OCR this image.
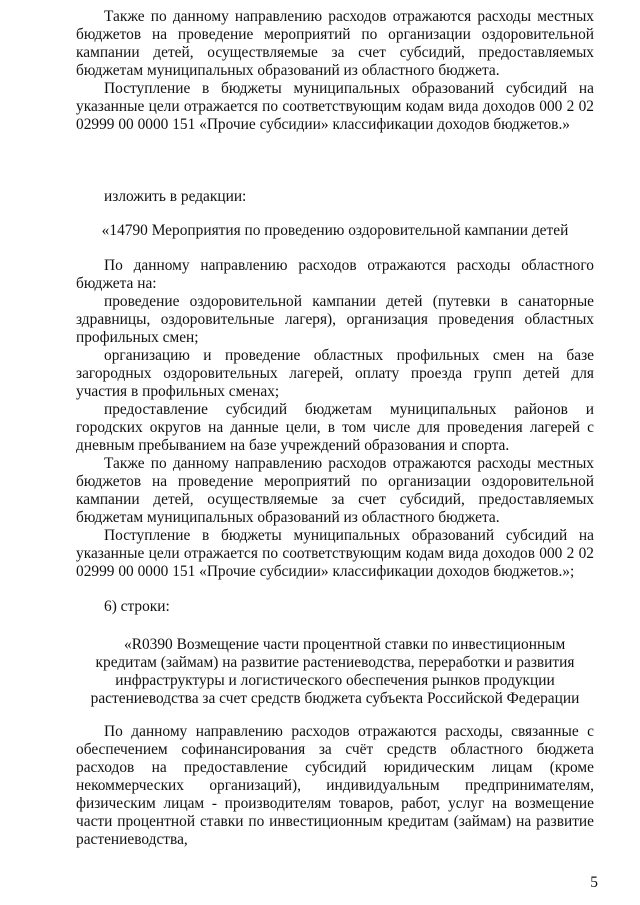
Также по данному направлению расходов отражаются расходы местных бюджетов на проведение мероприятий по организации оздоровительной кампании детей, осуществляемые за счет субсидий, предоставляемых бюджетам муниципальных образований из областного бюджета.

Поступление в бюджеты муниципальных образований субсидий на указанные цели отражается по соответствующим кодам вида доходов 000 2 02 02999 00 0000 151 «Прочие субсидии» классификации доходов бюджетов.»

изложить в редакции:

«14790 Мероприятия по проведению оздоровительной кампании детей

По данному направлению расходов отражаются расходы областного бюджета на:

проведение оздоровительной кампании детей (путевки в санаторные здравницы, оздоровительные лагеря), организация проведения областных профильных смен;

организацию и проведение областных профильных смен на базе загородных оздоровительных лагерей, оплату проезда групп детей для участия в профильных сменах;

предоставление субсидий бюджетам муниципальных районов и городских округов на данные цели, в том числе для проведения лагерей с дневным пребыванием на базе учреждений образования и спорта.

Также по данному направлению расходов отражаются расходы местных бюджетов на проведение мероприятий по организации оздоровительной кампании детей, осуществляемые за счет субсидий, предоставляемых бюджетам муниципальных образований из областного бюджета.

Поступление в бюджеты муниципальных образований субсидий на указанные цели отражается по соответствующим кодам вида доходов 000 2 02 02999 00 0000 151 «Прочие субсидии» классификации доходов бюджетов.»;

6) строки:

«R0390 Возмещение части процентной ставки по инвестиционным

кредитам (займам) на развитие растениеводства, переработки и развития

инфраструктуры и логистического обеспечения рынков продукции

растениеводства за счет средств бюджета субъекта Российской Федерации

По данному направлению расходов отражаются расходы, связанные с обеспечением софинансирования за счёт средств областного бюджета расходов на предоставление субсидий юридическим лицам (кроме некоммерческих организаций), индивидуальным предпринимателям, физическим лицам - производителям товаров, работ, услуг на возмещение части процентной ставки по инвестиционным кредитам (займам) на развитие растениеводства,

5
